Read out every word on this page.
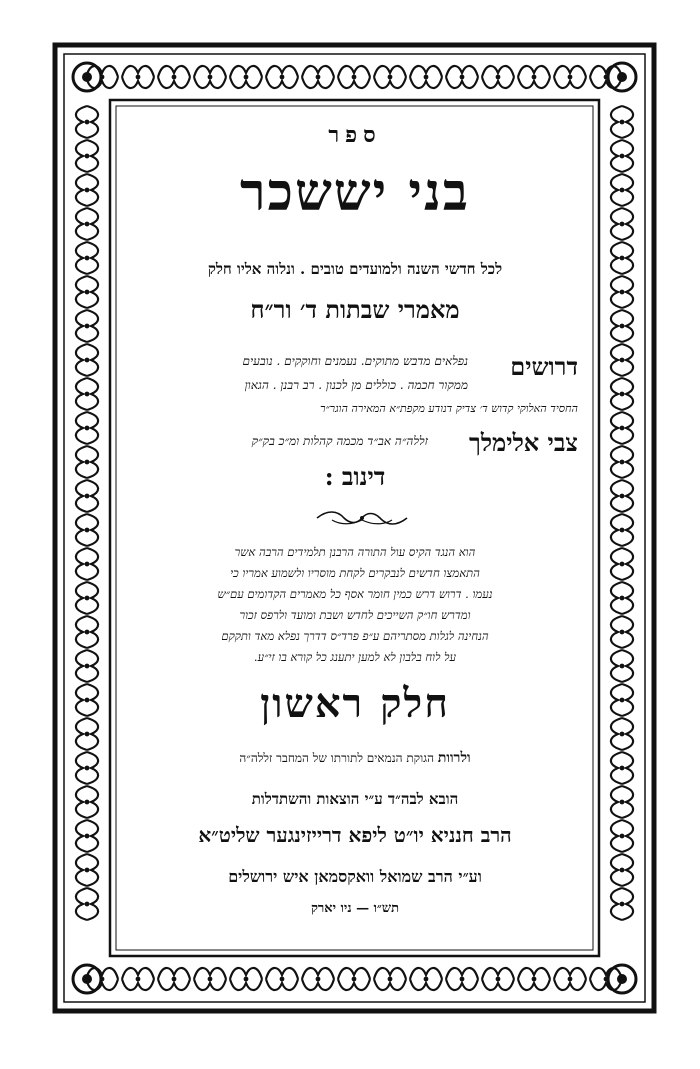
ספר
בני יששכר
לכל חדשי השנה ולמועדים טובים . ונלוה אליו חלק
מאמרי שבתות ד׳ ור״ח
דרושים
נפלאים מדבש מתוקים. נעמנים וחוקקים . נובעים
ממקור חכמה . כוללים מן לכנון . רב רבנן . הגאון
החסיד האלוקי קדוש ד׳ צדיק דנודע מקפת״א המאירה הוגר״ר
צבי אלימלך
זללה״ה אב״ד מכמה קהלות ומ״כ בק״ק
דינוב :
הוא הנגד הקיס עול התורה הרבנן תלמידים הרבה אשר
התאמצו חדשים לנבקרים לקחת מוסריו ולשמוע אמריו כי
נעמו . דרוש דרש כמין חומר אסף כל מאמרים הקדומים עם״ש
ומדרש חו״ק השייכים לחדש ושבת ומועד ולרפס זכור
הנחינה לגלות מסתריהם ע״פ פרד״ס דדרך נפלא מאד ותקקם
על לוח בלבון לא למען יתענג כל קורא בו זי״ע.
חלק ראשון
ולרוות הגוקת הנמאים לתורתו של המחבר זללה״ה
הובא לבה״ד ע״י הוצאות והשתדלות
הרב חנניא יו״ט ליפא דרייזינגער שליט״א
וע״י הרב שמואל וואקסמאן איש ירושלים
תש״ו — ניו יארק
